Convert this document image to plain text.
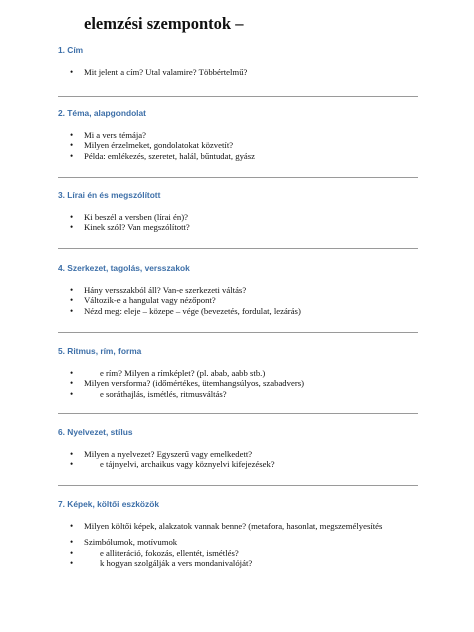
elemzési szempontok –
1. Cím
• Mit jelent a cím? Utal valamire? Többértelmű?
2. Téma, alapgondolat
• Mi a vers témája?
• Milyen érzelmeket, gondolatokat közvetít?
• Példa: emlékezés, szeretet, halál, bűntudat, gyász
3. Lírai én és megszólított
• Ki beszél a versben (lírai én)?
• Kinek szól? Van megszólított?
4. Szerkezet, tagolás, versszakok
• Hány versszakból áll? Van-e szerkezeti váltás?
• Változik-e a hangulat vagy nézőpont?
• Nézd meg: eleje – közepe – vége (bevezetés, fordulat, lezárás)
5. Ritmus, rím, forma
• e rím? Milyen a rímképlet? (pl. abab, aabb stb.)
• Milyen versforma? (időmértékes, ütemhangsúlyos, szabadvers)
• e soráthajlás, ismétlés, ritmusváltás?
6. Nyelvezet, stílus
• Milyen a nyelvezet? Egyszerű vagy emelkedett?
• e tájnyelvi, archaikus vagy köznyelvi kifejezések?
7. Képek, költői eszközök
• Milyen költői képek, alakzatok vannak benne? (metafora, hasonlat, megszemélyesítés
• Szimbólumok, motívumok
• e alliteráció, fokozás, ellentét, ismétlés?
• k hogyan szolgálják a vers mondanivalóját?
